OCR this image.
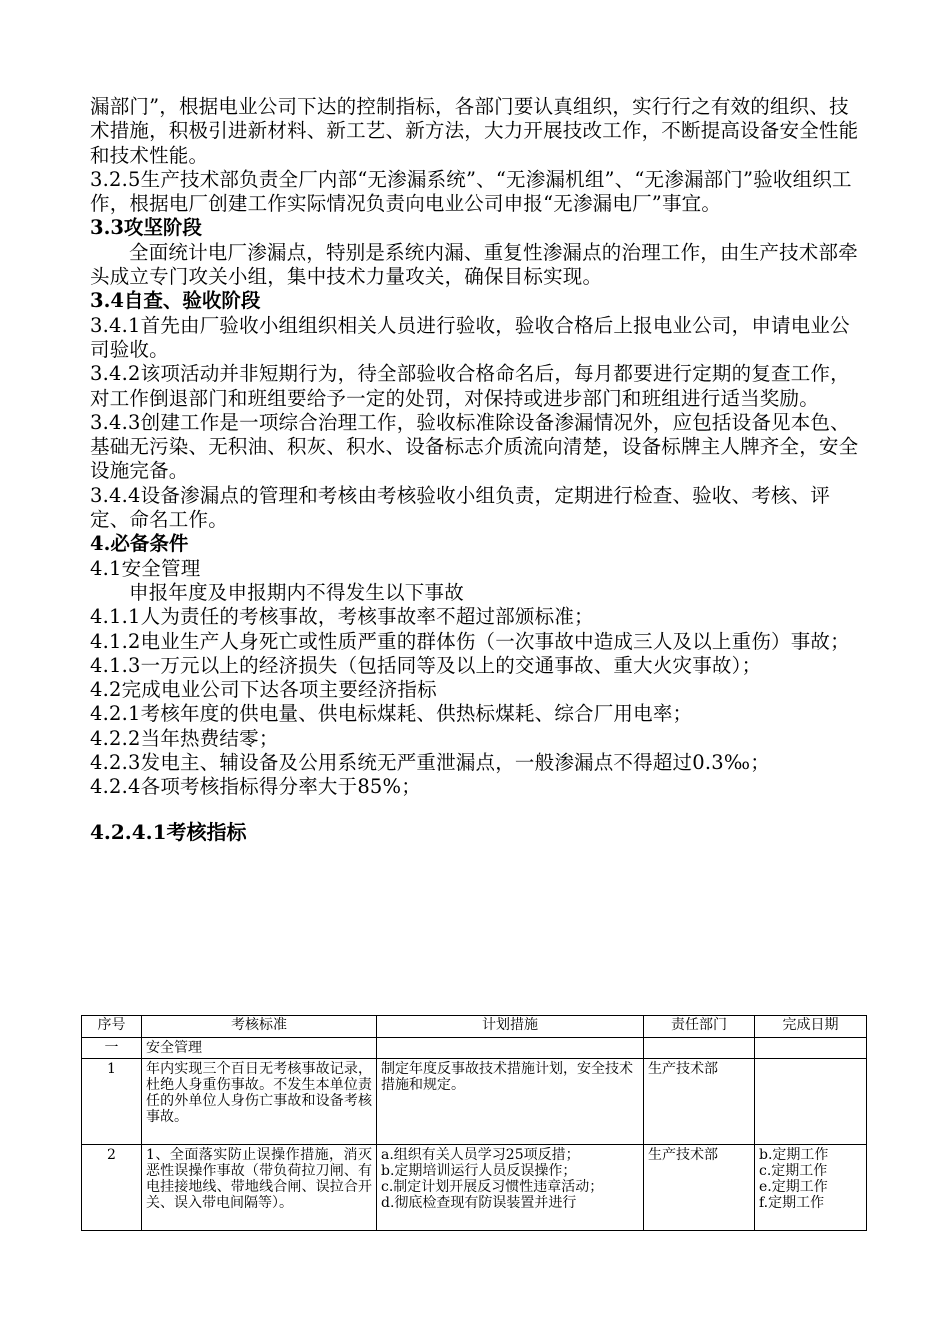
漏部门”，根据电业公司下达的控制指标，各部门要认真组织，实行行之有效的组织、技术措施，积极引进新材料、新工艺、新方法，大力开展技改工作，不断提高设备安全性能和技术性能。

3.2.5生产技术部负责全厂内部“无渗漏系统”、“无渗漏机组”、“无渗漏部门”验收组织工作，根据电厂创建工作实际情况负责向电业公司申报“无渗漏电厂”事宜。

3.3攻坚阶段

全面统计电厂渗漏点，特别是系统内漏、重复性渗漏点的治理工作，由生产技术部牵头成立专门攻关小组，集中技术力量攻关，确保目标实现。

3.4自查、验收阶段

3.4.1首先由厂验收小组组织相关人员进行验收，验收合格后上报电业公司，申请电业公司验收。

3.4.2该项活动并非短期行为，待全部验收合格命名后，每月都要进行定期的复查工作，对工作倒退部门和班组要给予一定的处罚，对保持或进步部门和班组进行适当奖励。

3.4.3创建工作是一项综合治理工作，验收标准除设备渗漏情况外，应包括设备见本色、基础无污染、无积油、积灰、积水、设备标志介质流向清楚，设备标牌主人牌齐全，安全设施完备。

3.4.4设备渗漏点的管理和考核由考核验收小组负责，定期进行检查、验收、考核、评定、命名工作。

4.必备条件

4.1安全管理

申报年度及申报期内不得发生以下事故

4.1.1人为责任的考核事故，考核事故率不超过部颁标准；

4.1.2电业生产人身死亡或性质严重的群体伤（一次事故中造成三人及以上重伤）事故；

4.1.3一万元以上的经济损失（包括同等及以上的交通事故、重大火灾事故）；

4.2完成电业公司下达各项主要经济指标

4.2.1考核年度的供电量、供电标煤耗、供热标煤耗、综合厂用电率；

4.2.2当年热费结零；

4.2.3发电主、辅设备及公用系统无严重泄漏点，一般渗漏点不得超过0.3‰；

4.2.4各项考核指标得分率大于85%；

4.2.4.1考核指标

序号	考核标准	计划措施	责任部门	完成日期
一	安全管理			
1	年内实现三个百日无考核事故记录，杜绝人身重伤事故。不发生本单位责任的外单位人身伤亡事故和设备考核事故。	制定年度反事故技术措施计划，安全技术措施和规定。	生产技术部	
2	1、全面落实防止误操作措施，消灭恶性误操作事故（带负荷拉刀闸、有电挂接地线、带地线合闸、误拉合开关、误入带电间隔等）。	a.组织有关人员学习25项反措；
b.定期培训运行人员反误操作；
c.制定计划开展反习惯性违章活动；
d.彻底检查现有防误装置并进行	生产技术部	b.定期工作
c.定期工作
e.定期工作
f.定期工作
